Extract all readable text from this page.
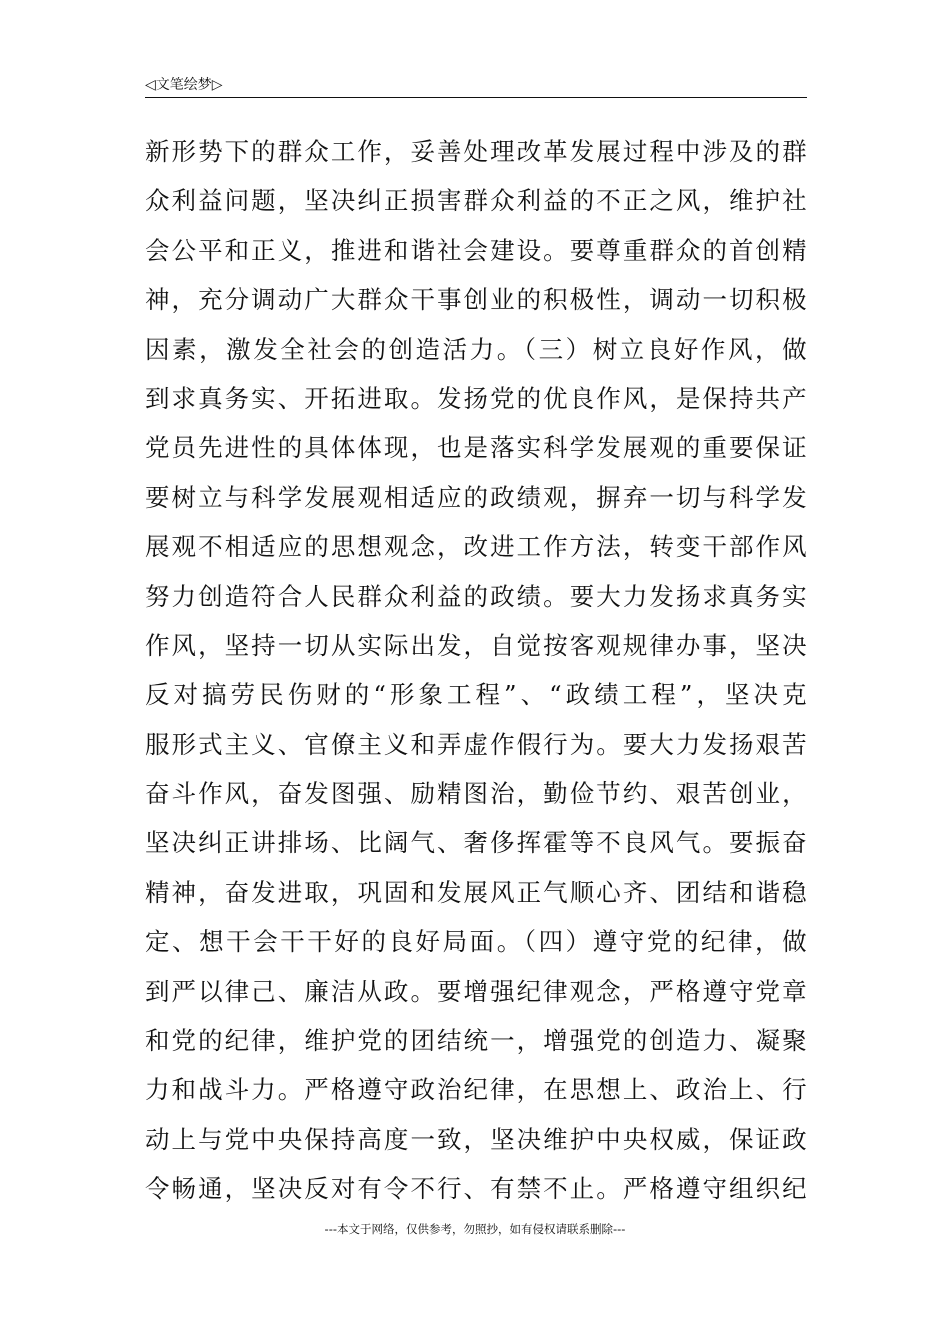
◁文笔绘梦▷
新形势下的群众工作，妥善处理改革发展过程中涉及的群
众利益问题，坚决纠正损害群众利益的不正之风，维护社
会公平和正义，推进和谐社会建设。要尊重群众的首创精
神，充分调动广大群众干事创业的积极性，调动一切积极
因素，激发全社会的创造活力。（三）树立良好作风，做
到求真务实、开拓进取。发扬党的优良作风，是保持共产
党员先进性的具体体现，也是落实科学发展观的重要保证
要树立与科学发展观相适应的政绩观，摒弃一切与科学发
展观不相适应的思想观念，改进工作方法，转变干部作风
努力创造符合人民群众利益的政绩。要大力发扬求真务实
作风，坚持一切从实际出发，自觉按客观规律办事，坚决
反对搞劳民伤财的“形象工程”、“政绩工程”，坚决克
服形式主义、官僚主义和弄虚作假行为。要大力发扬艰苦
奋斗作风，奋发图强、励精图治，勤俭节约、艰苦创业，
坚决纠正讲排场、比阔气、奢侈挥霍等不良风气。要振奋
精神，奋发进取，巩固和发展风正气顺心齐、团结和谐稳
定、想干会干干好的良好局面。（四）遵守党的纪律，做
到严以律己、廉洁从政。要增强纪律观念，严格遵守党章
和党的纪律，维护党的团结统一，增强党的创造力、凝聚
力和战斗力。严格遵守政治纪律，在思想上、政治上、行
动上与党中央保持高度一致，坚决维护中央权威，保证政
令畅通，坚决反对有令不行、有禁不止。严格遵守组织纪
---本文于网络，仅供参考，勿照抄，如有侵权请联系删除---
